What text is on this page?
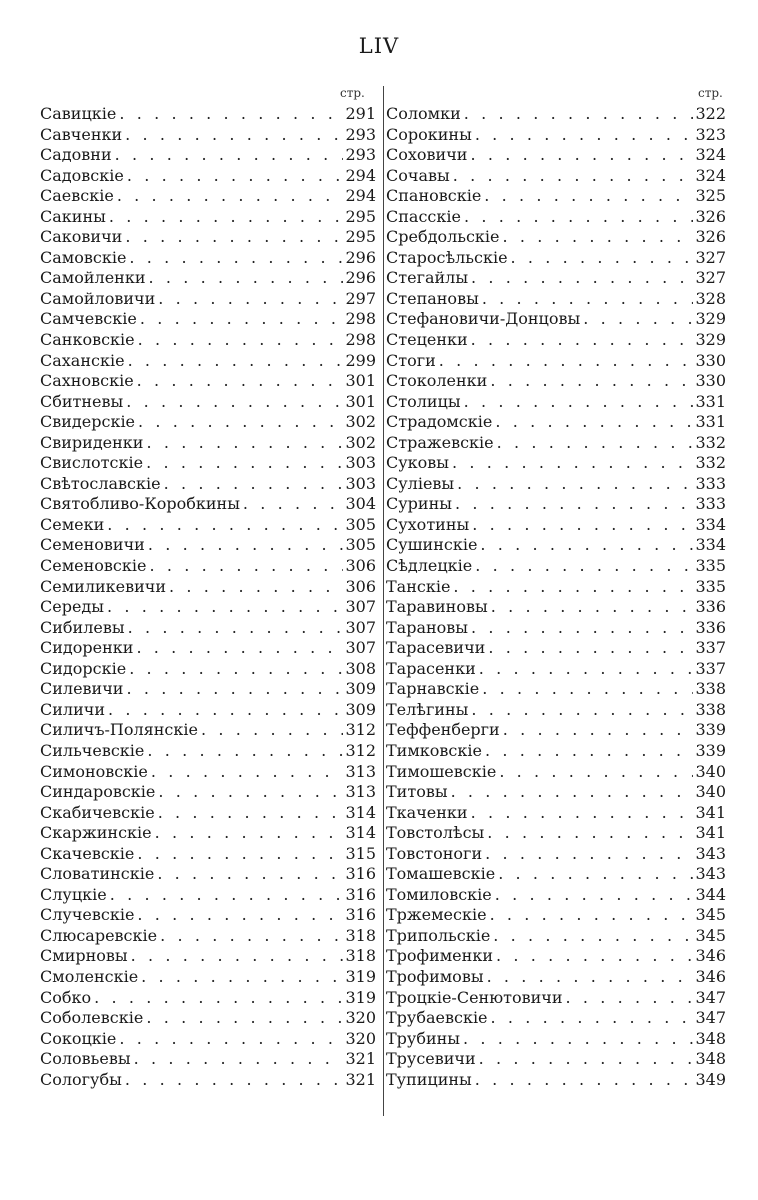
LIV
стр.	стр.
Савицкіе . . .	291
Савченки . . .	293
Садовни . . .	293
Садовскіе . . .	294
Саевскіе . . .	294
Сакины . . .	295
Саковичи . . .	295
Самовскіе . . .	296
Самойленки . . .	296
Самойловичи . . .	297
Самчевскіе . . .	298
Санковскіе . . .	298
Саханскіе . . .	299
Сахновскіе . . .	301
Сбитневы . . .	301
Свидерскіе . . .	302
Свириденки . . .	302
Свислотскіе . . .	303
Свѣтославскіе . . .	303
Святобливо-Коробкины . . .	304
Семеки . . .	305
Семеновичи . . .	305
Семеновскіе . . .	306
Семиликевичи . . .	306
Середы . . .	307
Сибилевы . . .	307
Сидоренки . . .	307
Сидорскіе . . .	308
Силевичи . . .	309
Силичи . . .	309
Силичъ-Полянскіе . . .	312
Сильчевскіе . . .	312
Симоновскіе . . .	313
Синдаровскіе . . .	313
Скабичевскіе . . .	314
Скаржинскіе . . .	314
Скачевскіе . . .	315
Словатинскіе . . .	316
Слуцкіе . . .	316
Случевскіе . . .	316
Слюсаревскіе . . .	318
Смирновы . . .	318
Смоленскіе . . .	319
Собко . . .	319
Соболевскіе . . .	320
Сокоцкіе . . .	320
Соловьевы . . .	321
Сологубы . . .	321
Соломки . . .	322
Сорокины . . .	323
Соховичи . . .	324
Сочавы . . .	324
Спановскіе . . .	325
Спасскіе . . .	326
Сребдольскіе . . .	326
Старосѣльскіе . . .	327
Стегайлы . . .	327
Степановы . . .	328
Стефановичи-Донцовы . . .	329
Стеценки . . .	329
Стоги . . .	330
Стоколенки . . .	330
Столицы . . .	331
Страдомскіе . . .	331
Стражевскіе . . .	332
Суковы . . .	332
Суліевы . . .	333
Сурины . . .	333
Сухотины . . .	334
Сушинскіе . . .	334
Сѣдлецкіе . . .	335
Танскіе . . .	335
Таравиновы . . .	336
Тарановы . . .	336
Тарасевичи . . .	337
Тарасенки . . .	337
Тарнавскіе . . .	338
Телѣгины . . .	338
Теффенберги . . .	339
Тимковскіе . . .	339
Тимошевскіе . . .	340
Титовы . . .	340
Ткаченки . . .	341
Товстолѣсы . . .	341
Товстоноги . . .	343
Томашевскіе . . .	343
Томиловскіе . . .	344
Тржемескіе . . .	345
Трипольскіе . . .	345
Трофименки . . .	346
Трофимовы . . .	346
Троцкіе-Сенютовичи . . .	347
Трубаевскіе . . .	347
Трубины . . .	348
Трусевичи . . .	348
Тупицины . . .	349
